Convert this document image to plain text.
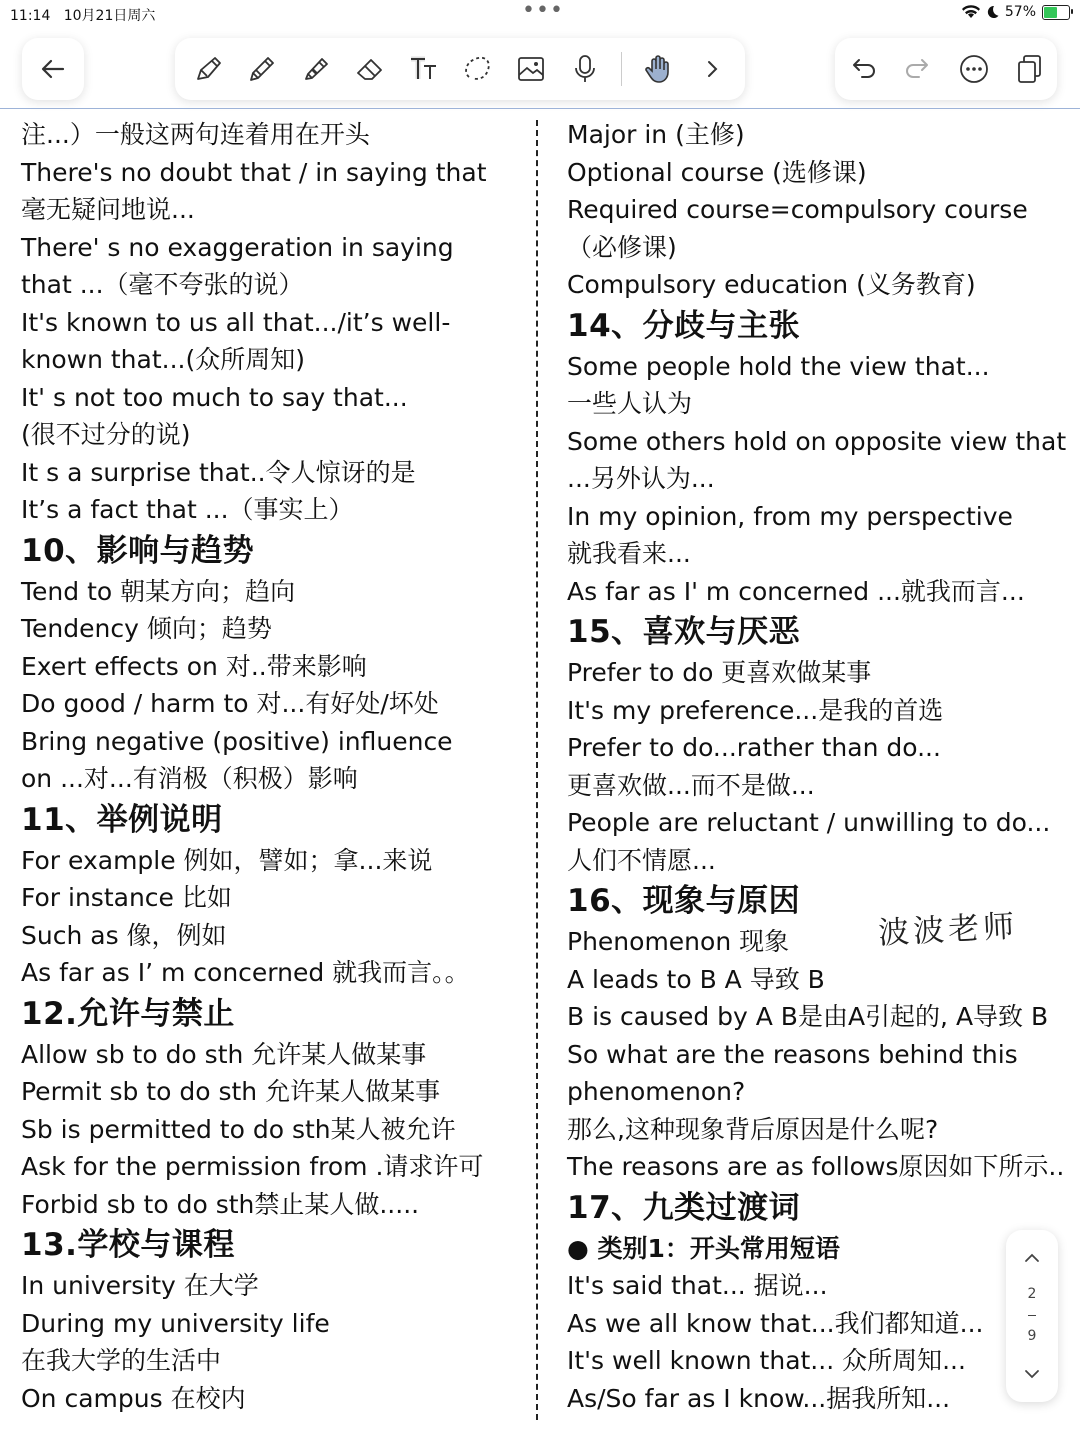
11:14 10月21日周六	•••	57%
注...）一般这两句连着用在开头
There's no doubt that / in saying that
毫无疑问地说...
There' s no exaggeration in saying
that ...（毫不夸张的说）
It's known to us all that.../it’s well-
known that...(众所周知)
It' s not too much to say that...
(很不过分的说)
It s a surprise that..令人惊讶的是
It’s a fact that ...（事实上）
10、影响与趋势
Tend to 朝某方向；趋向
Tendency 倾向；趋势
Exert effects on 对..带来影响
Do good / harm to 对...有好处/坏处
Bring negative (positive) influence
on ...对...有消极（积极）影响
11、举例说明
For example 例如，譬如；拿...来说
For instance 比如
Such as 像，例如
As far as I’ m concerned 就我而言。。
12.允许与禁止
Allow sb to do sth 允许某人做某事
Permit sb to do sth 允许某人做某事
Sb is permitted to do sth某人被允许
Ask for the permission from .请求许可
Forbid sb to do sth禁止某人做.....
13.学校与课程
In university 在大学
During my university life
在我大学的生活中
On campus 在校内
Major in (主修)
Optional course (选修课)
Required course=compulsory course
（必修课)
Compulsory education (义务教育)
14、分歧与主张
Some people hold the view that...
一些人认为
Some others hold on opposite view that
...另外认为...
In my opinion, from my perspective
就我看来...
As far as I' m concerned ...就我而言...
15、喜欢与厌恶
Prefer to do 更喜欢做某事
It's my preference...是我的首选
Prefer to do...rather than do...
更喜欢做...而不是做...
People are reluctant / unwilling to do...
人们不情愿...
16、现象与原因
Phenomenon 现象
A leads to B A 导致 B
B is caused by A B是由A引起的, A导致 B
So what are the reasons behind this
phenomenon?
那么,这种现象背后原因是什么呢?
The reasons are as follows原因如下所示..
17、九类过渡词
● 类别1：开头常用短语
It's said that... 据说...
As we all know that...我们都知道...
It's well known that... 众所周知...
As/So far as I know...据我所知...
波波老师
2
9
